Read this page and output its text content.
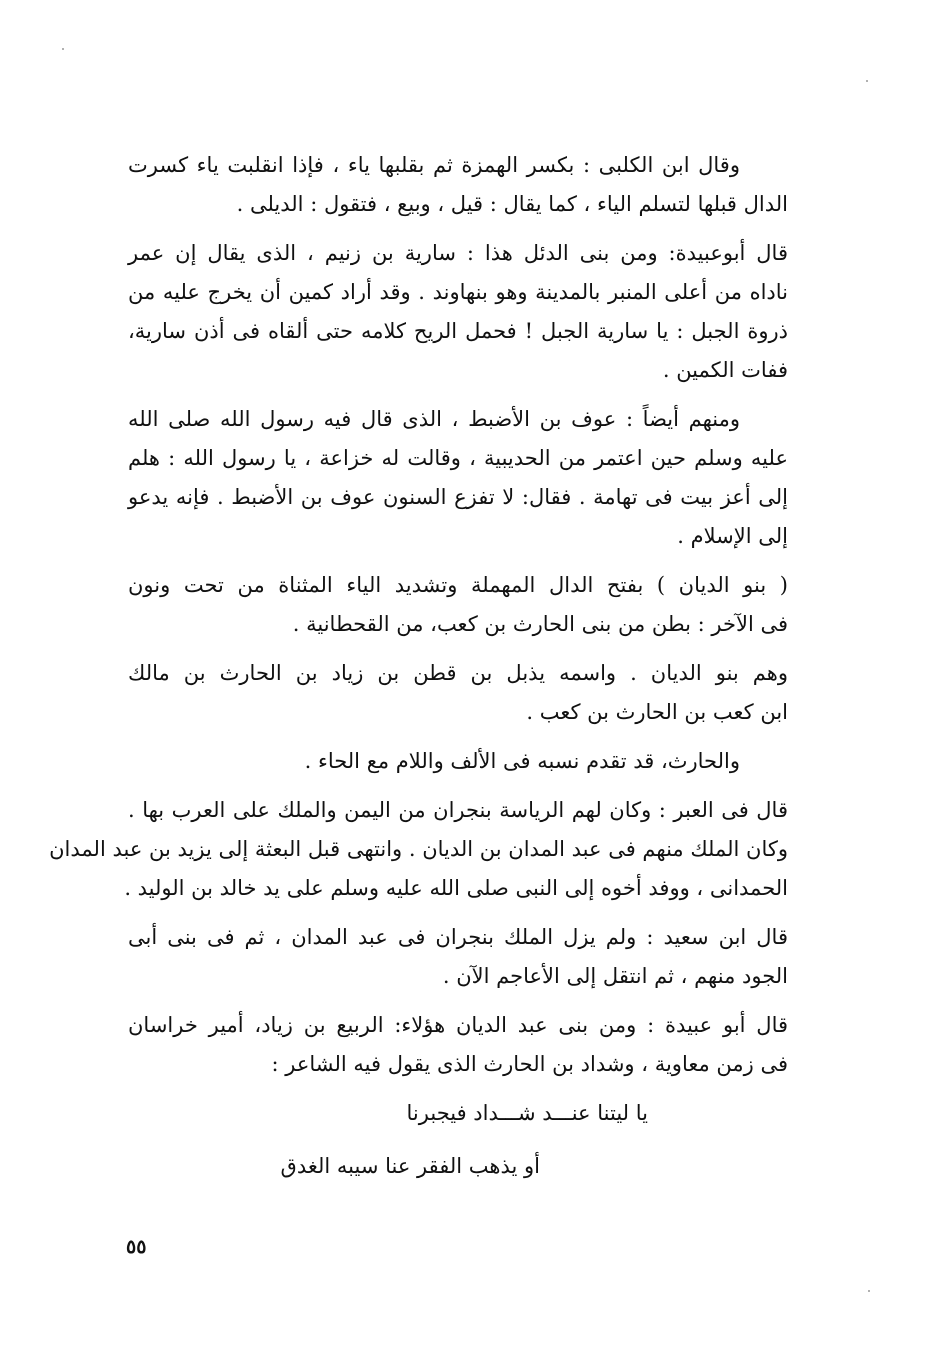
وقال ابن الكلبى : بكسر الهمزة ثم بقلبها ياء ، فإذا انقلبت ياء كسرت
الدال قبلها لتسلم الياء ، كما يقال : قيل ، وبيع ، فتقول : الديلى .
قال أبوعبيدة: ومن بنى الدئل هذا : سارية بن زنيم ، الذى يقال إن عمر
ناداه من أعلى المنبر بالمدينة وهو بنهاوند . وقد أراد كمين أن يخرج عليه من
ذروة الجبل : يا سارية الجبل ! فحمل الريح كلامه حتى ألقاه فى أذن سارية،
ففات الكمين .
ومنهم أيضاً : عوف بن الأضبط ، الذى قال فيه رسول الله صلى الله
عليه وسلم حين اعتمر من الحديبية ، وقالت له خزاعة ، يا رسول الله : هلم
إلى أعز بيت فى تهامة . فقال: لا تفزع السنون عوف بن الأضبط . فإنه يدعو
إلى الإسلام .
( بنو الديان ) بفتح الدال المهملة وتشديد الياء المثناة من تحت ونون
فى الآخر : بطن من بنى الحارث بن كعب، من القحطانية .
وهم بنو الديان . واسمه يذبل بن قطن بن زياد بن الحارث بن مالك
ابن كعب بن الحارث بن كعب .
والحارث، قد تقدم نسبه فى الألف واللام مع الحاء .
قال فى العبر : وكان لهم الرياسة بنجران من اليمن والملك على العرب بها .
وكان الملك منهم فى عبد المدان بن الديان . وانتهى قبل البعثة إلى يزيد بن عبد المدان
الحمدانى ، ووفد أخوه إلى النبى صلى الله عليه وسلم على يد خالد بن الوليد .
قال ابن سعيد : ولم يزل الملك بنجران فى عبد المدان ، ثم فى بنى أبى
الجود منهم ، ثم انتقل إلى الأعاجم الآن .
قال أبو عبيدة : ومن بنى عبد الديان هؤلاء: الربيع بن زياد، أمير خراسان
فى زمن معاوية ، وشداد بن الحارث الذى يقول فيه الشاعر :
يا ليتنا عنـــد شـــداد فيجبرنا
أو يذهب الفقر عنا سيبه الغدق
٥٥
